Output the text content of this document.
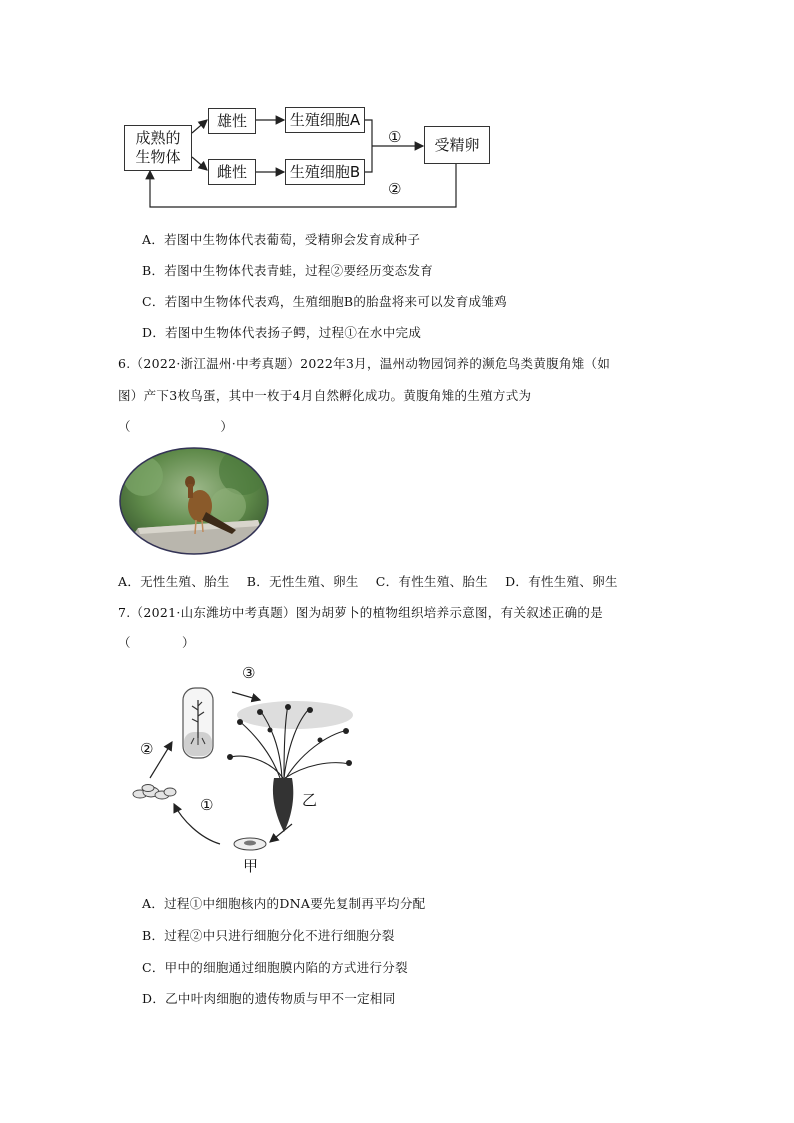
成熟的
生物体
雄性
雌性
生殖细胞A
生殖细胞B
受精卵
①
②
A．若图中生物体代表葡萄，受精卵会发育成种子
B．若图中生物体代表青蛙，过程②要经历变态发育
C．若图中生物体代表鸡，生殖细胞B的胎盘将来可以发育成雏鸡
D．若图中生物体代表扬子鳄，过程①在水中完成
6.（2022·浙江温州·中考真题）2022年3月，温州动物园饲养的濒危鸟类黄腹角雉（如
图）产下3枚鸟蛋，其中一枚于4月自然孵化成功。黄腹角雉的生殖方式为
（　　　　　　　）
A．无性生殖、胎生　 B．无性生殖、卵生　 C．有性生殖、胎生　 D．有性生殖、卵生
7.（2021·山东潍坊中考真题）图为胡萝卜的植物组织培养示意图，有关叙述正确的是
（　　　　）
③
②
①	乙
甲
A．过程①中细胞核内的DNA要先复制再平均分配
B．过程②中只进行细胞分化不进行细胞分裂
C．甲中的细胞通过细胞膜内陷的方式进行分裂
D．乙中叶肉细胞的遗传物质与甲不一定相同
